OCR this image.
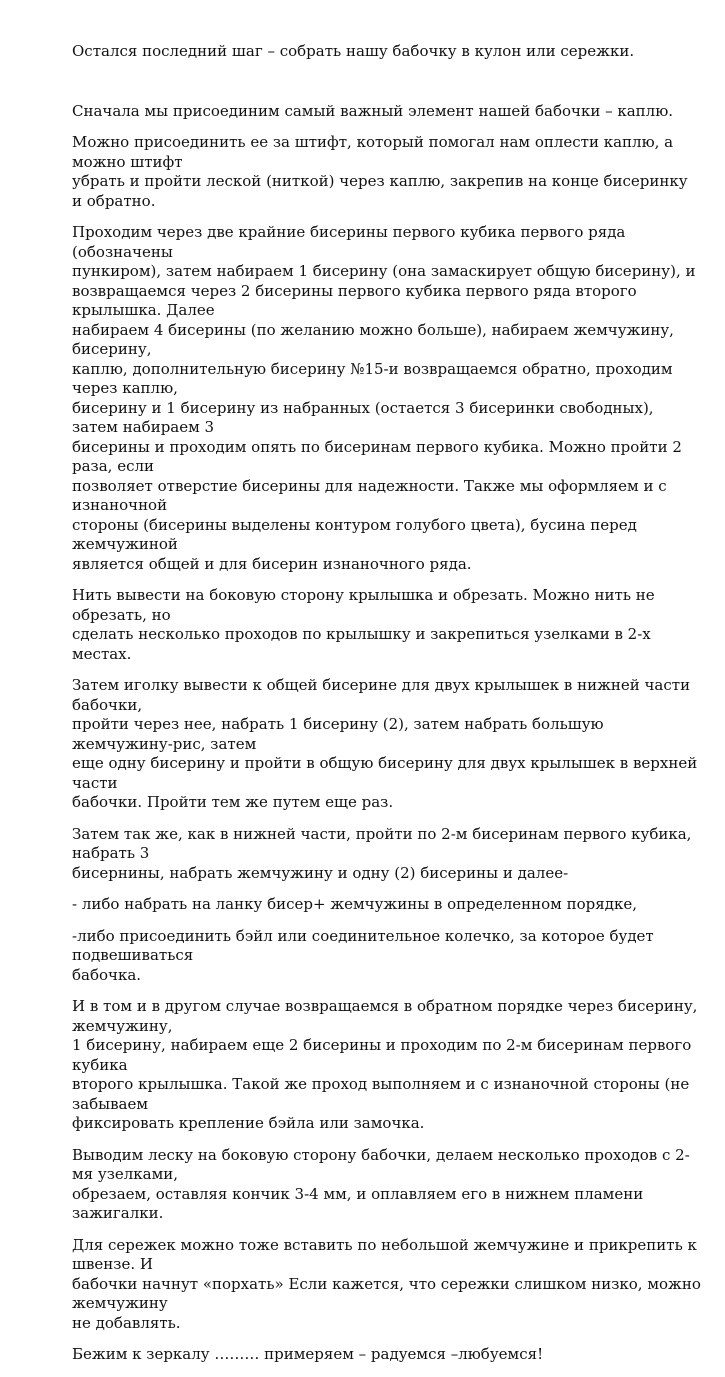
Остался последний шаг – собрать нашу бабочку в кулон или сережки.

Сначала мы присоединим самый важный элемент нашей бабочки – каплю.

Можно присоединить ее за штифт, который помогал нам оплести каплю, а можно штифт
убрать и пройти леской (ниткой) через каплю, закрепив на конце бисеринку и обратно.

Проходим через две крайние бисерины первого кубика первого ряда (обозначены
пункиром), затем набираем 1 бисерину (она замаскирует общую бисерину), и
возвращаемся через 2 бисерины первого кубика первого ряда второго крылышка. Далее
набираем 4 бисерины (по желанию можно больше), набираем жемчужину, бисерину,
каплю, дополнительную бисерину №15-и возвращаемся обратно, проходим через каплю,
бисерину и 1 бисерину из набранных (остается 3 бисеринки свободных), затем набираем 3
бисерины и проходим опять по бисеринам первого кубика. Можно пройти 2 раза, если
позволяет отверстие бисерины для надежности. Также мы оформляем и с изнаночной
стороны (бисерины выделены контуром голубого цвета), бусина перед жемчужиной
является общей и для бисерин изнаночного ряда.

Нить вывести на боковую сторону крылышка и обрезать. Можно нить не обрезать, но
сделать несколько проходов по крылышку и закрепиться узелками в 2-х местах.

Затем иголку вывести к общей бисерине для двух крылышек в нижней части бабочки,
пройти через нее, набрать 1 бисерину (2), затем набрать большую жемчужину-рис, затем
еще одну бисерину и пройти в общую бисерину для двух крылышек в верхней части
бабочки. Пройти тем же путем еще раз.

Затем так же, как в нижней части, пройти по 2-м бисеринам первого кубика, набрать 3
бисернины, набрать жемчужину и одну (2) бисерины и далее-

- либо набрать на ланку бисер+ жемчужины в определенном порядке,

-либо присоединить бэйл или соединительное колечко, за которое будет подвешиваться
бабочка.

И в том и в другом случае возвращаемся в обратном порядке через бисерину, жемчужину,
1 бисерину, набираем еще 2 бисерины и проходим по 2-м бисеринам первого кубика
второго крылышка. Такой же проход выполняем и с изнаночной стороны (не забываем
фиксировать крепление бэйла или замочка.

Выводим леску на боковую сторону бабочки, делаем несколько проходов с 2-мя узелками,
обрезаем, оставляя кончик 3-4 мм, и оплавляем его в нижнем пламени зажигалки.

Для сережек можно тоже вставить по небольшой жемчужине и прикрепить к швензе. И
бабочки начнут «порхать» Если кажется, что сережки слишком низко, можно жемчужину
не добавлять.

Бежим к зеркалу ……… примеряем – радуемся –любуемся!
